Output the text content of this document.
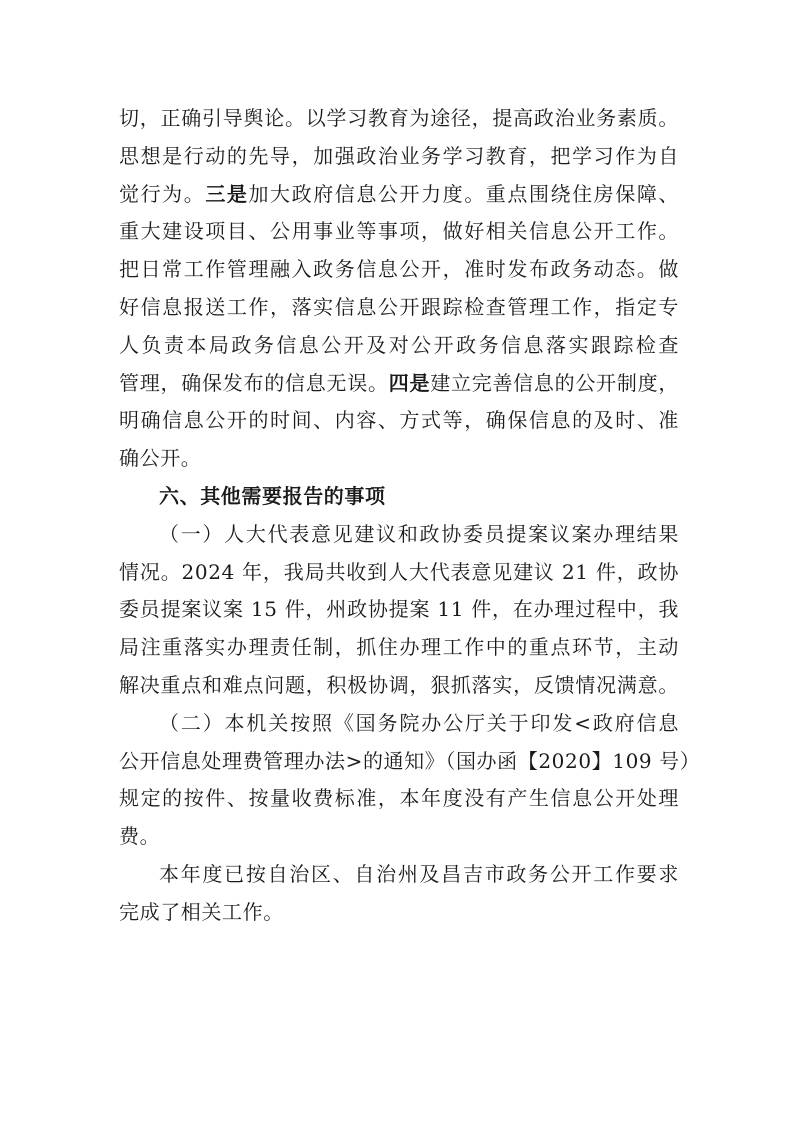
切，正确引导舆论。以学习教育为途径，提高政治业务素质。
思想是行动的先导，加强政治业务学习教育，把学习作为自
觉行为。三是加大政府信息公开力度。重点围绕住房保障、
重大建设项目、公用事业等事项，做好相关信息公开工作。
把日常工作管理融入政务信息公开，准时发布政务动态。做
好信息报送工作，落实信息公开跟踪检查管理工作，指定专
人负责本局政务信息公开及对公开政务信息落实跟踪检查
管理，确保发布的信息无误。四是建立完善信息的公开制度，
明确信息公开的时间、内容、方式等，确保信息的及时、准
确公开。
六、其他需要报告的事项
（一）人大代表意见建议和政协委员提案议案办理结果
情况。2024 年，我局共收到人大代表意见建议 21 件，政协
委员提案议案 15 件，州政协提案 11 件，在办理过程中，我
局注重落实办理责任制，抓住办理工作中的重点环节，主动
解决重点和难点问题，积极协调，狠抓落实，反馈情况满意。
（二）本机关按照《国务院办公厅关于印发<政府信息
公开信息处理费管理办法>的通知》（国办函【2020】109 号）
规定的按件、按量收费标准，本年度没有产生信息公开处理
费。
本年度已按自治区、自治州及昌吉市政务公开工作要求
完成了相关工作。
